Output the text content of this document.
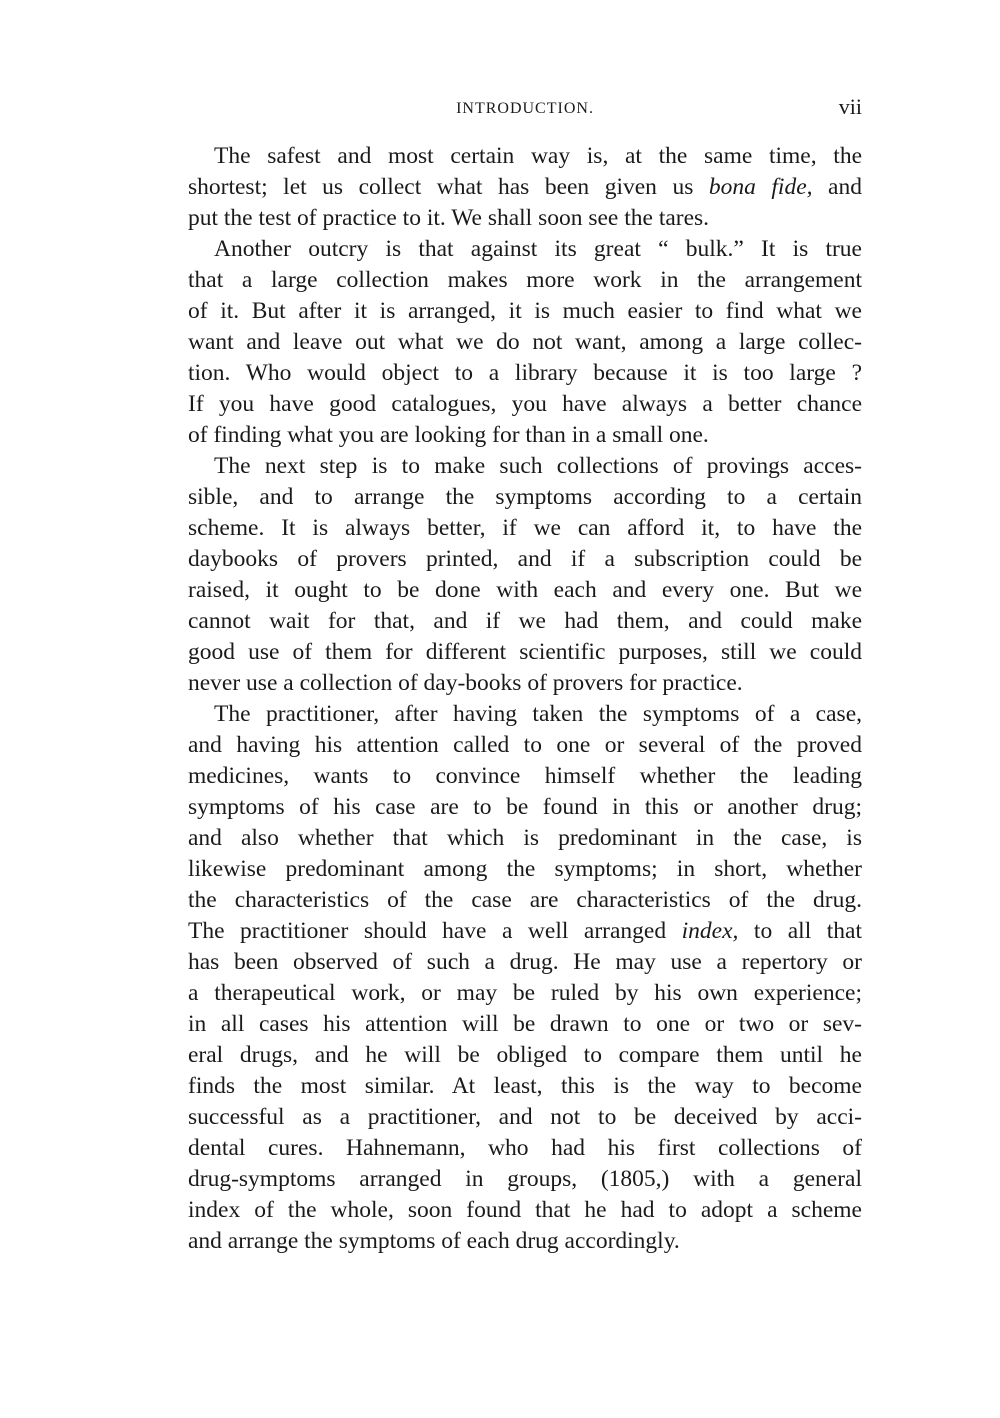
INTRODUCTION.	vii
The safest and most certain way is, at the same time, the
shortest; let us collect what has been given us bona fide, and
put the test of practice to it. We shall soon see the tares.
Another outcry is that against its great “ bulk.” It is true
that a large collection makes more work in the arrangement
of it. But after it is arranged, it is much easier to find what we
want and leave out what we do not want, among a large collec-
tion. Who would object to a library because it is too large ?
If you have good catalogues, you have always a better chance
of finding what you are looking for than in a small one.
The next step is to make such collections of provings acces-
sible, and to arrange the symptoms according to a certain
scheme. It is always better, if we can afford it, to have the
daybooks of provers printed, and if a subscription could be
raised, it ought to be done with each and every one. But we
cannot wait for that, and if we had them, and could make
good use of them for different scientific purposes, still we could
never use a collection of day-books of provers for practice.
The practitioner, after having taken the symptoms of a case,
and having his attention called to one or several of the proved
medicines, wants to convince himself whether the leading
symptoms of his case are to be found in this or another drug;
and also whether that which is predominant in the case, is
likewise predominant among the symptoms; in short, whether
the characteristics of the case are characteristics of the drug.
The practitioner should have a well arranged index, to all that
has been observed of such a drug. He may use a repertory or
a therapeutical work, or may be ruled by his own experience;
in all cases his attention will be drawn to one or two or sev-
eral drugs, and he will be obliged to compare them until he
finds the most similar. At least, this is the way to become
successful as a practitioner, and not to be deceived by acci-
dental cures. Hahnemann, who had his first collections of
drug-symptoms arranged in groups, (1805,) with a general
index of the whole, soon found that he had to adopt a scheme
and arrange the symptoms of each drug accordingly.
